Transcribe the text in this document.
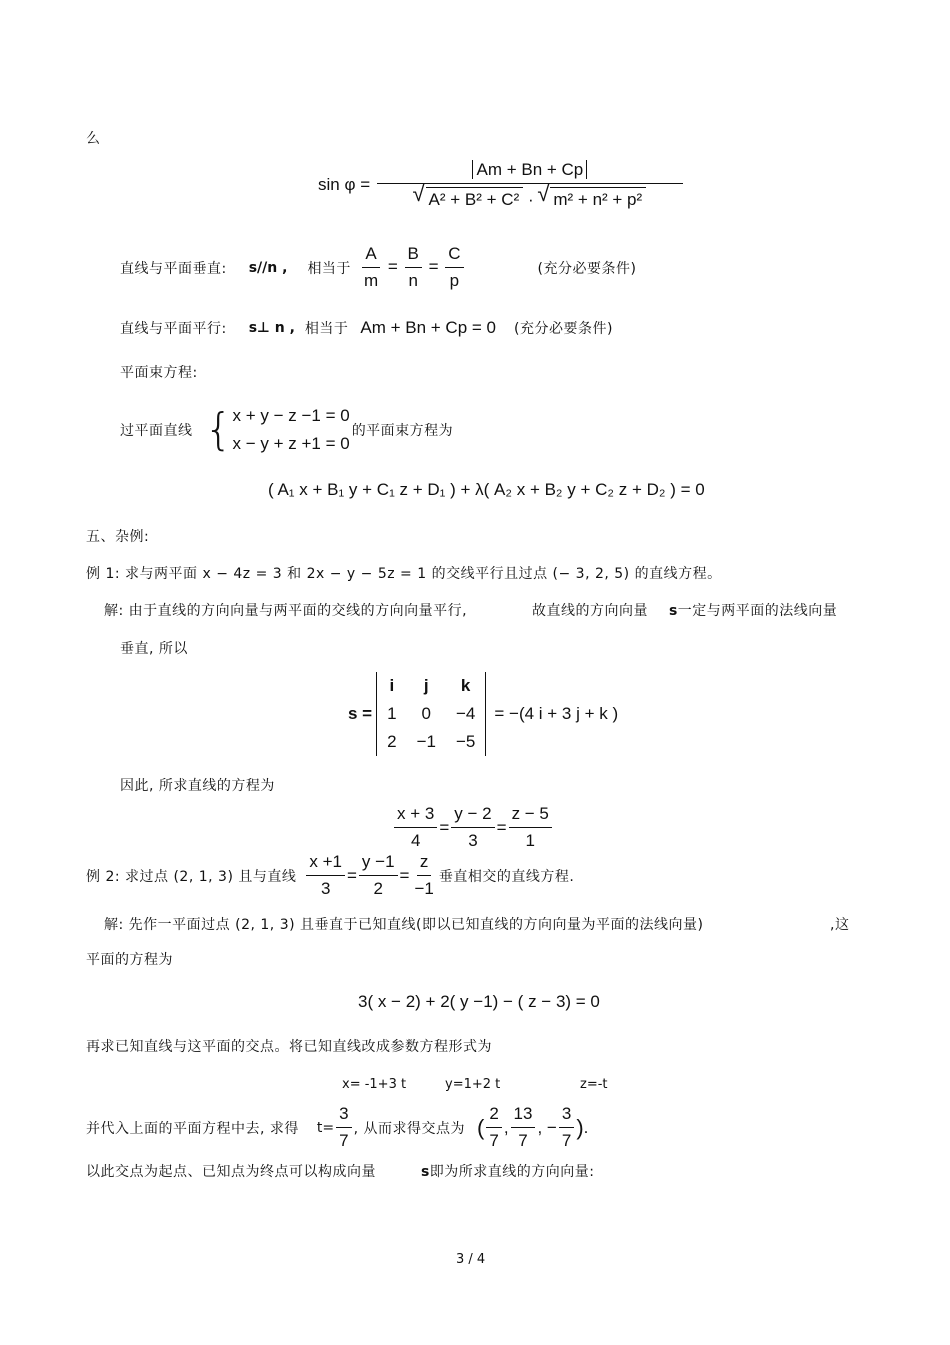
么
sin φ = Am + Bn + Cp
√ A² + B² + C² · √ m² + n² + p²
直线与平面垂直: s//n , 相当于 $\frac{A}{m} = \frac{B}{n} = \frac{C}{p}$	(充分必要条件)
直线与平面平行: s⊥ n , 相当于 Am + Bn + Cp = 0 (充分必要条件)
平面束方程:
过平面直线 { x + y − z −1 = 0
x − y + z +1 = 0
的平面束方程为
( A₁ x + B₁ y + C₁ z + D₁ ) + λ( A₂ x + B₂ y + C₂ z + D₂ ) = 0
五、杂例:
例 1: 求与两平面 x − 4z = 3 和 2x − y − 5z = 1 的交线平行且过点 (− 3, 2, 5) 的直线方程。
解: 由于直线的方向向量与两平面的交线的方向向量平行,	故直线的方向向量 s一定与两平面的法线向量
垂直, 所以
s =
i	j	k
1	0	−4
2	−1	−5
= −(4 i + 3 j + k )
因此, 所求直线的方程为
$\frac{x + 3}{4} = \frac{y - 2}{3} = \frac{z - 5}{1}$
例 2: 求过点 (2, 1, 3) 且与直线 $\frac{x +1}{3} = \frac{y -1}{2} = \frac{z}{-1}$ 垂直相交的直线方程.
解: 先作一平面过点 (2, 1, 3) 且垂直于已知直线(即以已知直线的方向向量为平面的法线向量)	,这
平面的方程为
3( x − 2) + 2( y −1) − ( z − 3) = 0
再求已知直线与这平面的交点。将已知直线改成参数方程形式为
x= -1+3 t	y=1+2 t	z=-t
并代入上面的平面方程中去, 求得 $t= \frac{3}{7}$ , 从而求得交点为 ( $\frac{2}{7}$ , $\frac{13}{7}$ , − $\frac{3}{7}$ ) .
以此交点为起点、已知点为终点可以构成向量	s即为所求直线的方向向量:
3 / 4
